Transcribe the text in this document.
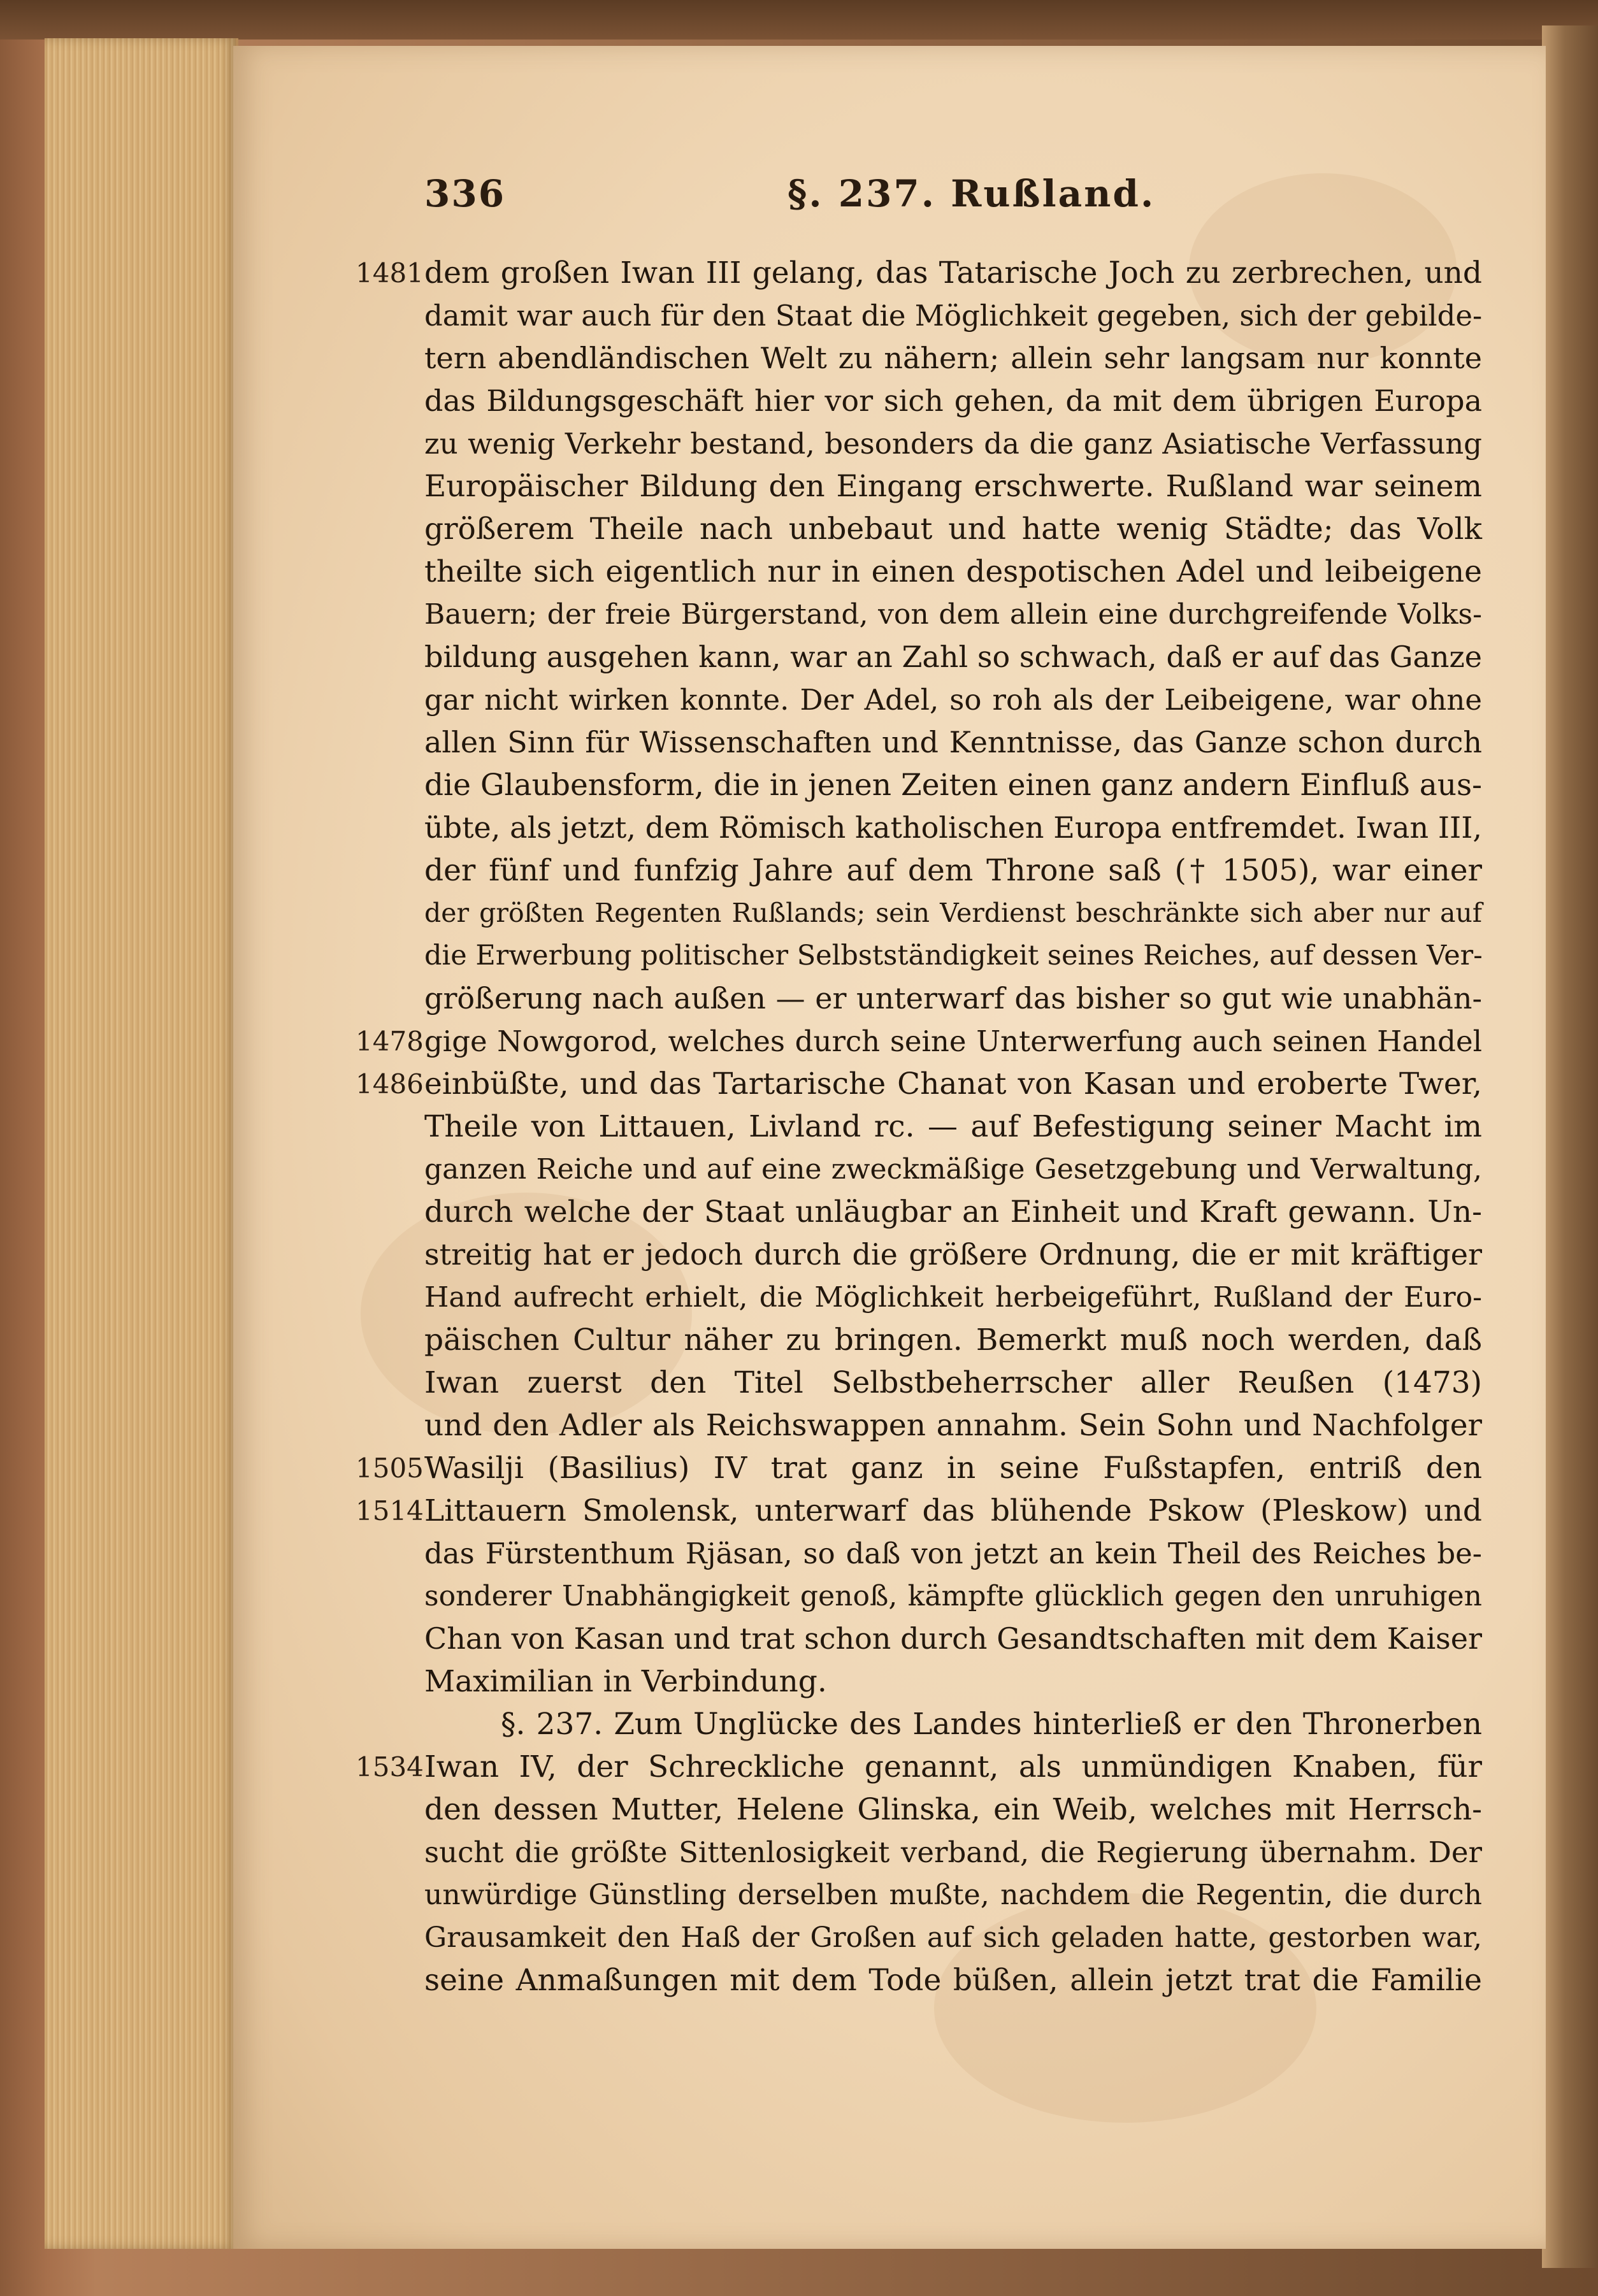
336	§. 237. Rußland.
1481 dem großen Iwan III gelang, das Tatarische Joch zu zerbrechen, und
damit war auch für den Staat die Möglichkeit gegeben, sich der gebilde-
tern abendländischen Welt zu nähern; allein sehr langsam nur konnte
das Bildungsgeschäft hier vor sich gehen, da mit dem übrigen Europa
zu wenig Verkehr bestand, besonders da die ganz Asiatische Verfassung
Europäischer Bildung den Eingang erschwerte. Rußland war seinem
größerem Theile nach unbebaut und hatte wenig Städte; das Volk
theilte sich eigentlich nur in einen despotischen Adel und leibeigene
Bauern; der freie Bürgerstand, von dem allein eine durchgreifende Volks-
bildung ausgehen kann, war an Zahl so schwach, daß er auf das Ganze
gar nicht wirken konnte. Der Adel, so roh als der Leibeigene, war ohne
allen Sinn für Wissenschaften und Kenntnisse, das Ganze schon durch
die Glaubensform, die in jenen Zeiten einen ganz andern Einfluß aus-
übte, als jetzt, dem Römisch katholischen Europa entfremdet. Iwan III,
der fünf und funfzig Jahre auf dem Throne saß († 1505), war einer
der größten Regenten Rußlands; sein Verdienst beschränkte sich aber nur auf
die Erwerbung politischer Selbstständigkeit seines Reiches, auf dessen Ver-
größerung nach außen — er unterwarf das bisher so gut wie unabhän-
1478 gige Nowgorod, welches durch seine Unterwerfung auch seinen Handel
1486 einbüßte, und das Tartarische Chanat von Kasan und eroberte Twer,
Theile von Littauen, Livland rc. — auf Befestigung seiner Macht im
ganzen Reiche und auf eine zweckmäßige Gesetzgebung und Verwaltung,
durch welche der Staat unläugbar an Einheit und Kraft gewann. Un-
streitig hat er jedoch durch die größere Ordnung, die er mit kräftiger
Hand aufrecht erhielt, die Möglichkeit herbeigeführt, Rußland der Euro-
päischen Cultur näher zu bringen. Bemerkt muß noch werden, daß
Iwan zuerst den Titel Selbstbeherrscher aller Reußen (1473)
und den Adler als Reichswappen annahm. Sein Sohn und Nachfolger
1505 Wasilji (Basilius) IV trat ganz in seine Fußstapfen, entriß den
1514 Littauern Smolensk, unterwarf das blühende Pskow (Pleskow) und
das Fürstenthum Rjäsan, so daß von jetzt an kein Theil des Reiches be-
sonderer Unabhängigkeit genoß, kämpfte glücklich gegen den unruhigen
Chan von Kasan und trat schon durch Gesandtschaften mit dem Kaiser
Maximilian in Verbindung.
§. 237. Zum Unglücke des Landes hinterließ er den Thronerben
1534 Iwan IV, der Schreckliche genannt, als unmündigen Knaben, für
den dessen Mutter, Helene Glinska, ein Weib, welches mit Herrsch-
sucht die größte Sittenlosigkeit verband, die Regierung übernahm. Der
unwürdige Günstling derselben mußte, nachdem die Regentin, die durch
Grausamkeit den Haß der Großen auf sich geladen hatte, gestorben war,
seine Anmaßungen mit dem Tode büßen, allein jetzt trat die Familie
